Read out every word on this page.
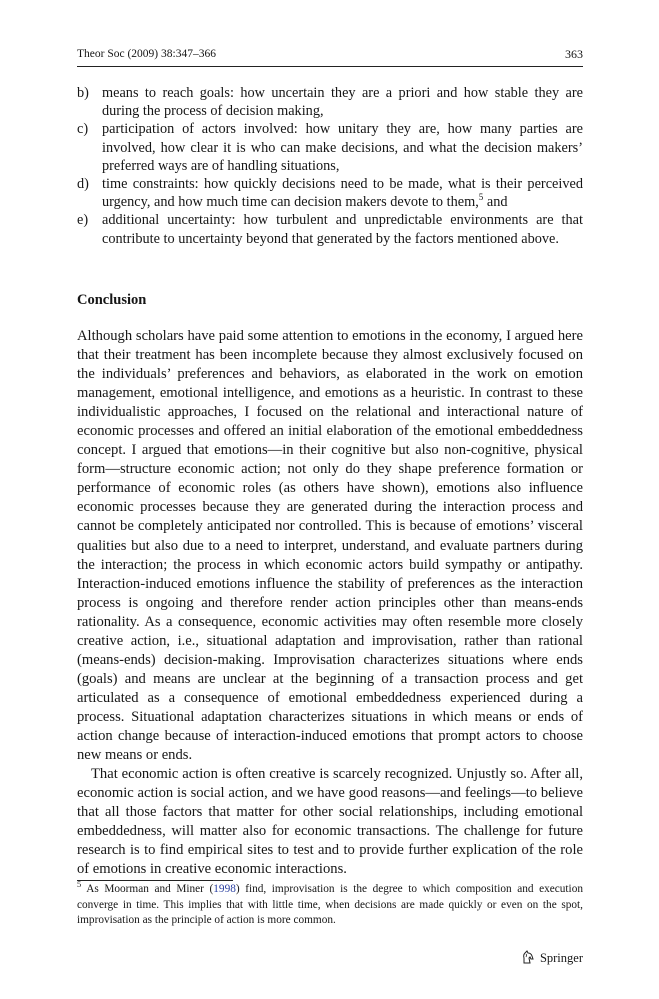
Theor Soc (2009) 38:347–366	363
b) means to reach goals: how uncertain they are a priori and how stable they are during the process of decision making,
c) participation of actors involved: how unitary they are, how many parties are involved, how clear it is who can make decisions, and what the decision makers’ preferred ways are of handling situations,
d) time constraints: how quickly decisions need to be made, what is their perceived urgency, and how much time can decision makers devote to them,$^5$ and
e) additional uncertainty: how turbulent and unpredictable environments are that contribute to uncertainty beyond that generated by the factors mentioned above.
Conclusion

Although scholars have paid some attention to emotions in the economy, I argued here that their treatment has been incomplete because they almost exclusively focused on the individuals’ preferences and behaviors, as elaborated in the work on emotion management, emotional intelligence, and emotions as a heuristic. In contrast to these individualistic approaches, I focused on the relational and interactional nature of economic processes and offered an initial elaboration of the emotional embeddedness concept. I argued that emotions—in their cognitive but also non-cognitive, physical form—structure economic action; not only do they shape preference formation or performance of economic roles (as others have shown), emotions also influence economic processes because they are generated during the interaction process and cannot be completely anticipated nor controlled. This is because of emotions’ visceral qualities but also due to a need to interpret, understand, and evaluate partners during the interaction; the process in which economic actors build sympathy or antipathy. Interaction-induced emotions influence the stability of preferences as the interaction process is ongoing and therefore render action principles other than means-ends rationality. As a consequence, economic activities may often resemble more closely creative action, i.e., situational adaptation and improvisation, rather than rational (means-ends) decision-making. Improvisation characterizes situations where ends (goals) and means are unclear at the beginning of a transaction process and get articulated as a consequence of emotional embeddedness experienced during a process. Situational adaptation characterizes situations in which means or ends of action change because of interaction-induced emotions that prompt actors to choose new means or ends.

That economic action is often creative is scarcely recognized. Unjustly so. After all, economic action is social action, and we have good reasons—and feelings—to believe that all those factors that matter for other social relationships, including emotional embeddedness, will matter also for economic transactions. The challenge for future research is to find empirical sites to test and to provide further explication of the role of emotions in creative economic interactions.

$^5$ As Moorman and Miner (1998) find, improvisation is the degree to which composition and execution converge in time. This implies that with little time, when decisions are made quickly or even on the spot, improvisation as the principle of action is more common.

Springer
